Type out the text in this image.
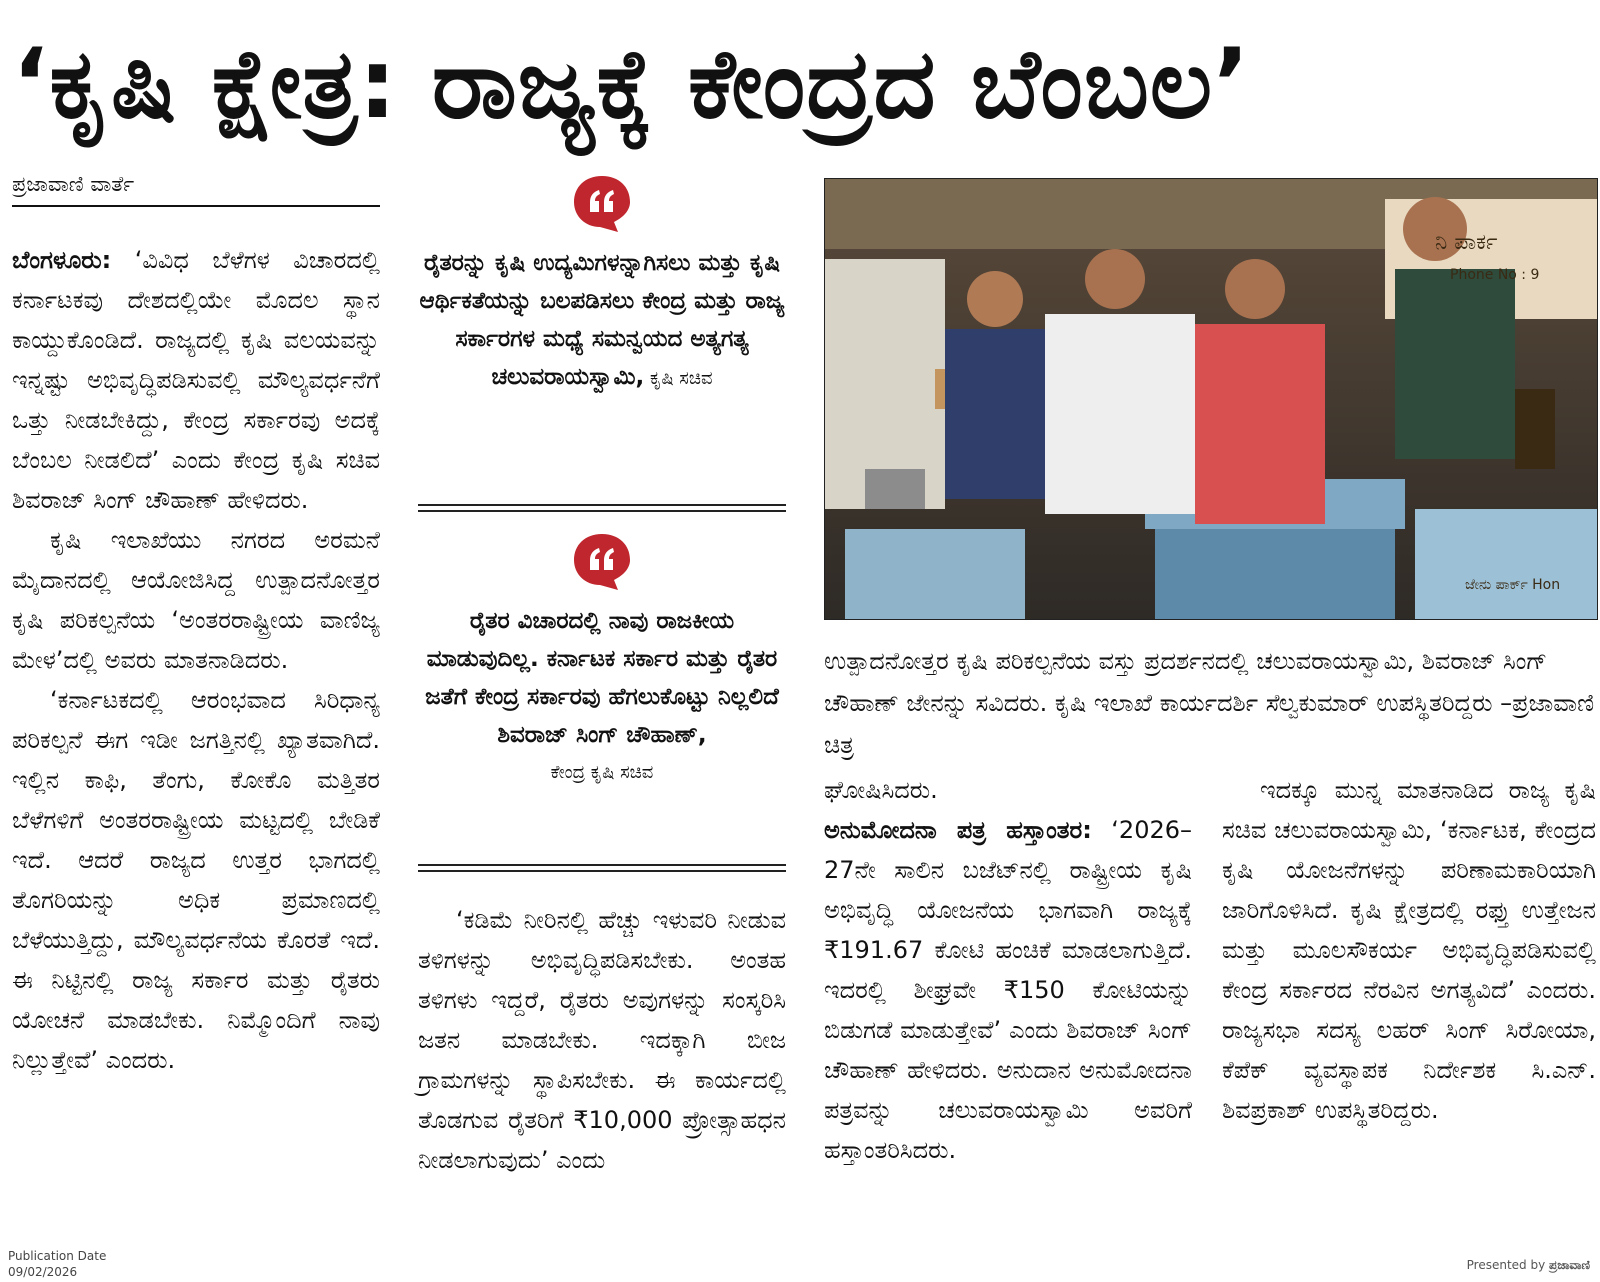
‘ಕೃಷಿ ಕ್ಷೇತ್ರ: ರಾಜ್ಯಕ್ಕೆ ಕೇಂದ್ರದ ಬೆಂಬಲ’
ಪ್ರಜಾವಾಣಿ ವಾರ್ತೆ

ಬೆಂಗಳೂರು: ‘ವಿವಿಧ ಬೆಳೆಗಳ ವಿಚಾರದಲ್ಲಿ ಕರ್ನಾಟಕವು ದೇಶದಲ್ಲಿಯೇ ಮೊದಲ ಸ್ಥಾನ ಕಾಯ್ದುಕೊಂಡಿದೆ. ರಾಜ್ಯದಲ್ಲಿ ಕೃಷಿ ವಲಯವನ್ನು ಇನ್ನಷ್ಟು ಅಭಿವೃದ್ಧಿಪಡಿಸುವಲ್ಲಿ ಮೌಲ್ಯವರ್ಧನೆಗೆ ಒತ್ತು ನೀಡಬೇಕಿದ್ದು, ಕೇಂದ್ರ ಸರ್ಕಾರವು ಅದಕ್ಕೆ ಬೆಂಬಲ ನೀಡಲಿದೆ’ ಎಂದು ಕೇಂದ್ರ ಕೃಷಿ ಸಚಿವ ಶಿವರಾಜ್ ಸಿಂಗ್ ಚೌಹಾಣ್ ಹೇಳಿದರು.

ಕೃಷಿ ಇಲಾಖೆಯು ನಗರದ ಅರಮನೆ ಮೈದಾನದಲ್ಲಿ ಆಯೋಜಿಸಿದ್ದ ಉತ್ಪಾದನೋತ್ತರ ಕೃಷಿ ಪರಿಕಲ್ಪನೆಯ ‘ಅಂತರರಾಷ್ಟ್ರೀಯ ವಾಣಿಜ್ಯ ಮೇಳ’ದಲ್ಲಿ ಅವರು ಮಾತನಾಡಿದರು.

‘ಕರ್ನಾಟಕದಲ್ಲಿ ಆರಂಭವಾದ ಸಿರಿಧಾನ್ಯ ಪರಿಕಲ್ಪನೆ ಈಗ ಇಡೀ ಜಗತ್ತಿನಲ್ಲಿ ಖ್ಯಾತವಾಗಿದೆ. ಇಲ್ಲಿನ ಕಾಫಿ, ತೆಂಗು, ಕೋಕೊ ಮತ್ತಿತರ ಬೆಳೆಗಳಿಗೆ ಅಂತರರಾಷ್ಟ್ರೀಯ ಮಟ್ಟದಲ್ಲಿ ಬೇಡಿಕೆ ಇದೆ. ಆದರೆ ರಾಜ್ಯದ ಉತ್ತರ ಭಾಗದಲ್ಲಿ ತೊಗರಿಯನ್ನು ಅಧಿಕ ಪ್ರಮಾಣದಲ್ಲಿ ಬೆಳೆಯುತ್ತಿದ್ದು, ಮೌಲ್ಯವರ್ಧನೆಯ ಕೊರತೆ ಇದೆ. ಈ ನಿಟ್ಟಿನಲ್ಲಿ ರಾಜ್ಯ ಸರ್ಕಾರ ಮತ್ತು ರೈತರು ಯೋಚನೆ ಮಾಡಬೇಕು. ನಿಮ್ಮೊಂದಿಗೆ ನಾವು ನಿಲ್ಲುತ್ತೇವೆ’ ಎಂದರು.

ರೈತರನ್ನು ಕೃಷಿ ಉದ್ಯಮಿಗಳನ್ನಾಗಿಸಲು ಮತ್ತು ಕೃಷಿ ಆರ್ಥಿಕತೆಯನ್ನು ಬಲಪಡಿಸಲು ಕೇಂದ್ರ ಮತ್ತು ರಾಜ್ಯ ಸರ್ಕಾರಗಳ ಮಧ್ಯೆ ಸಮನ್ವಯದ ಅತ್ಯಗತ್ಯ
ಚಲುವರಾಯಸ್ವಾಮಿ, ಕೃಷಿ ಸಚಿವ
ರೈತರ ವಿಚಾರದಲ್ಲಿ ನಾವು ರಾಜಕೀಯ ಮಾಡುವುದಿಲ್ಲ. ಕರ್ನಾಟಕ ಸರ್ಕಾರ ಮತ್ತು ರೈತರ ಜತೆಗೆ ಕೇಂದ್ರ ಸರ್ಕಾರವು ಹೆಗಲುಕೊಟ್ಟು ನಿಲ್ಲಲಿದೆ
ಶಿವರಾಜ್ ಸಿಂಗ್ ಚೌಹಾಣ್,
ಕೇಂದ್ರ ಕೃಷಿ ಸಚಿವ

‘ಕಡಿಮೆ ನೀರಿನಲ್ಲಿ ಹೆಚ್ಚು ಇಳುವರಿ ನೀಡುವ ತಳಿಗಳನ್ನು ಅಭಿವೃದ್ಧಿಪಡಿಸಬೇಕು. ಅಂತಹ ತಳಿಗಳು ಇದ್ದರೆ, ರೈತರು ಅವುಗಳನ್ನು ಸಂಸ್ಕರಿಸಿ ಜತನ ಮಾಡಬೇಕು. ಇದಕ್ಕಾಗಿ ಬೀಜ ಗ್ರಾಮಗಳನ್ನು ಸ್ಥಾಪಿಸಬೇಕು. ಈ ಕಾರ್ಯದಲ್ಲಿ ತೊಡಗುವ ರೈತರಿಗೆ ₹10,000 ಪ್ರೋತ್ಸಾಹಧನ ನೀಡಲಾಗುವುದು’ ಎಂದು

ನಿ ಪಾರ್ಕ
Phone No : 9
ಜೇನು ಪಾರ್ಕ್ Hon
ಉತ್ಪಾದನೋತ್ತರ ಕೃಷಿ ಪರಿಕಲ್ಪನೆಯ ವಸ್ತು ಪ್ರದರ್ಶನದಲ್ಲಿ ಚಲುವರಾಯಸ್ವಾಮಿ, ಶಿವರಾಜ್ ಸಿಂಗ್ ಚೌಹಾಣ್ ಜೇನನ್ನು ಸವಿದರು. ಕೃಷಿ ಇಲಾಖೆ ಕಾರ್ಯದರ್ಶಿ ಸೆಲ್ವಕುಮಾರ್ ಉಪಸ್ಥಿತರಿದ್ದರು –ಪ್ರಜಾವಾಣಿ ಚಿತ್ರ

ಘೋಷಿಸಿದರು.

ಅನುಮೋದನಾ ಪತ್ರ ಹಸ್ತಾಂತರ: ‘2026–27ನೇ ಸಾಲಿನ ಬಜೆಟ್‌ನಲ್ಲಿ ರಾಷ್ಟ್ರೀಯ ಕೃಷಿ ಅಭಿವೃದ್ಧಿ ಯೋಜನೆಯ ಭಾಗವಾಗಿ ರಾಜ್ಯಕ್ಕೆ ₹191.67 ಕೋಟಿ ಹಂಚಿಕೆ ಮಾಡಲಾಗುತ್ತಿದೆ. ಇದರಲ್ಲಿ ಶೀಘ್ರವೇ ₹150 ಕೋಟಿಯನ್ನು ಬಿಡುಗಡೆ ಮಾಡುತ್ತೇವೆ’ ಎಂದು ಶಿವರಾಜ್ ಸಿಂಗ್ ಚೌಹಾಣ್ ಹೇಳಿದರು. ಅನುದಾನ ಅನುಮೋದನಾ ಪತ್ರವನ್ನು ಚಲುವರಾಯಸ್ವಾಮಿ ಅವರಿಗೆ ಹಸ್ತಾಂತರಿಸಿದರು.

ಇದಕ್ಕೂ ಮುನ್ನ ಮಾತನಾಡಿದ ರಾಜ್ಯ ಕೃಷಿ ಸಚಿವ ಚಲುವರಾಯಸ್ವಾಮಿ, ‘ಕರ್ನಾಟಕ, ಕೇಂದ್ರದ ಕೃಷಿ ಯೋಜನೆಗಳನ್ನು ಪರಿಣಾಮಕಾರಿಯಾಗಿ ಜಾರಿಗೊಳಿಸಿದೆ. ಕೃಷಿ ಕ್ಷೇತ್ರದಲ್ಲಿ ರಫ್ತು ಉತ್ತೇಜನ ಮತ್ತು ಮೂಲಸೌಕರ್ಯ ಅಭಿವೃದ್ಧಿಪಡಿಸುವಲ್ಲಿ ಕೇಂದ್ರ ಸರ್ಕಾರದ ನೆರವಿನ ಅಗತ್ಯವಿದೆ’ ಎಂದರು. ರಾಜ್ಯಸಭಾ ಸದಸ್ಯ ಲಹರ್ ಸಿಂಗ್ ಸಿರೋಯಾ, ಕೆಪೆಕ್ ವ್ಯವಸ್ಥಾಪಕ ನಿರ್ದೇಶಕ ಸಿ.ಎನ್. ಶಿವಪ್ರಕಾಶ್ ಉಪಸ್ಥಿತರಿದ್ದರು.

Publication Date
09/02/2026	Presented by ಪ್ರಜಾವಾಣಿ
